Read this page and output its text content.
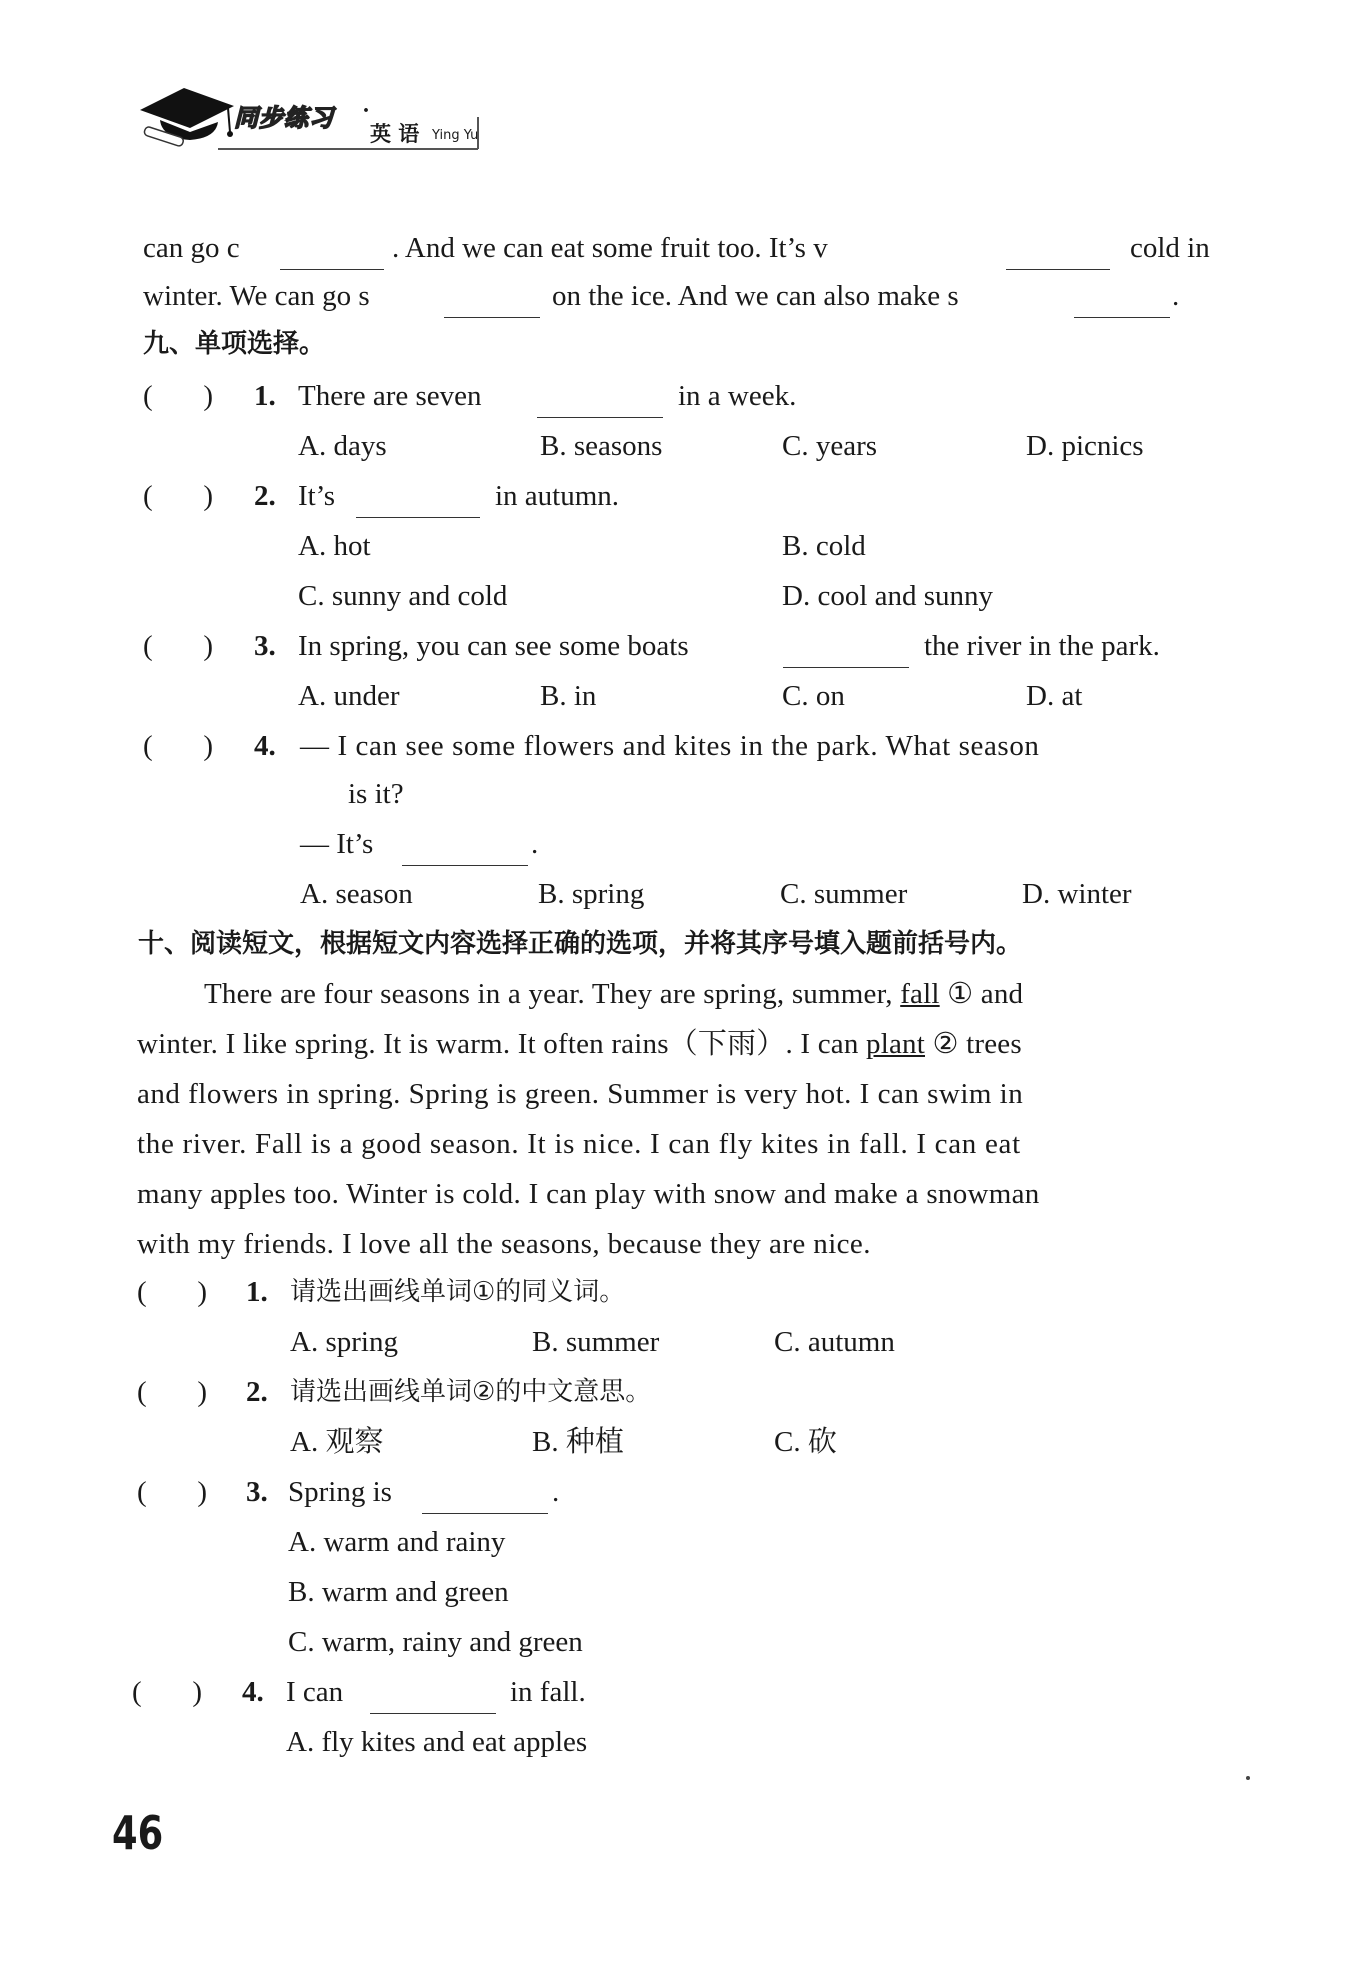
同步练习 ·
英 语 Ying Yu
can go c	. And we can eat some fruit too. It’s v	cold in
winter. We can go s	on the ice. And we can also make s	.
九、单项选择。
(       ) 1. There are seven	in a week.
A. days	B. seasons	C. years	D. picnics
(       ) 2. It’s	in autumn.
A. hot	B. cold
C. sunny and cold	D. cool and sunny
(       ) 3. In spring, you can see some boats	the river in the park.
A. under	B. in	C. on	D. at
(       ) 4. — I can see some flowers and kites in the park. What season
is it?
— It’s	.
A. season	B. spring	C. summer	D. winter
十、阅读短文，根据短文内容选择正确的选项，并将其序号填入题前括号内。
There are four seasons in a year. They are spring, summer, fall ① and
winter. I like spring. It is warm. It often rains（下雨）. I can plant ② trees
and flowers in spring. Spring is green. Summer is very hot. I can swim in
the river. Fall is a good season. It is nice. I can fly kites in fall. I can eat
many apples too. Winter is cold. I can play with snow and make a snowman
with my friends. I love all the seasons, because they are nice.
(       ) 1. 请选出画线单词①的同义词。
A. spring	B. summer	C. autumn
(       ) 2. 请选出画线单词②的中文意思。
A. 观察	B. 种植	C. 砍
(       ) 3. Spring is	.
A. warm and rainy
B. warm and green
C. warm, rainy and green
(       ) 4. I can	in fall.
A. fly kites and eat apples
46
